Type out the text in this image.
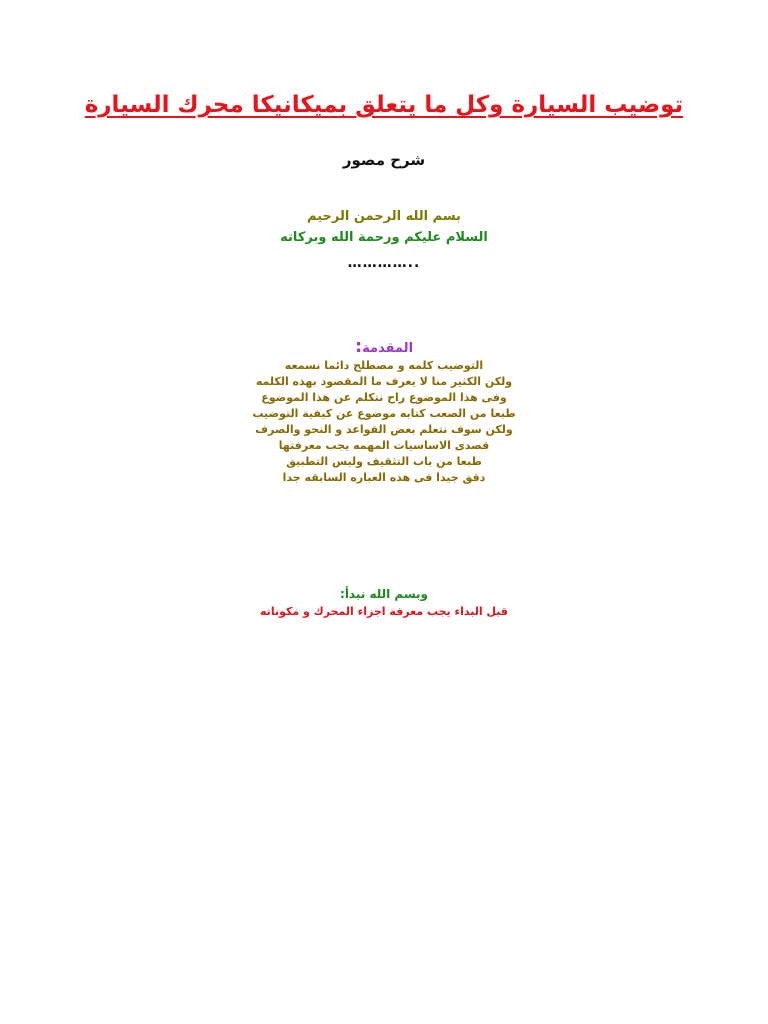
توضيب السيارة وكل ما يتعلق بميكانيكا محرك السيارة
شرح مصور
بسم الله الرحمن الرحيم
السلام عليكم ورحمة الله وبركاته
…………..
المقدمة:
التوضيب كلمه و مصطلح دائما نسمعه
ولكن الكثير منا لا يعرف ما المقصود بهذه الكلمه
وفى هذا الموضوع راح نتكلم عن هذا الموضوع
طبعا من الصعب كتابه موضوع عن كيفية التوضيب
ولكن سوف نتعلم بعض القواعد و النحو والصرف
قصدى الاساسيات المهمه يجب معرفتها
طبعا من باب التثقيف وليس التطبيق
دقق جيدا فى هذه العباره السابقه جدا
وبسم الله نبدأ:
قبل البداء يجب معرفة اجزاء المحرك و مكوناته
